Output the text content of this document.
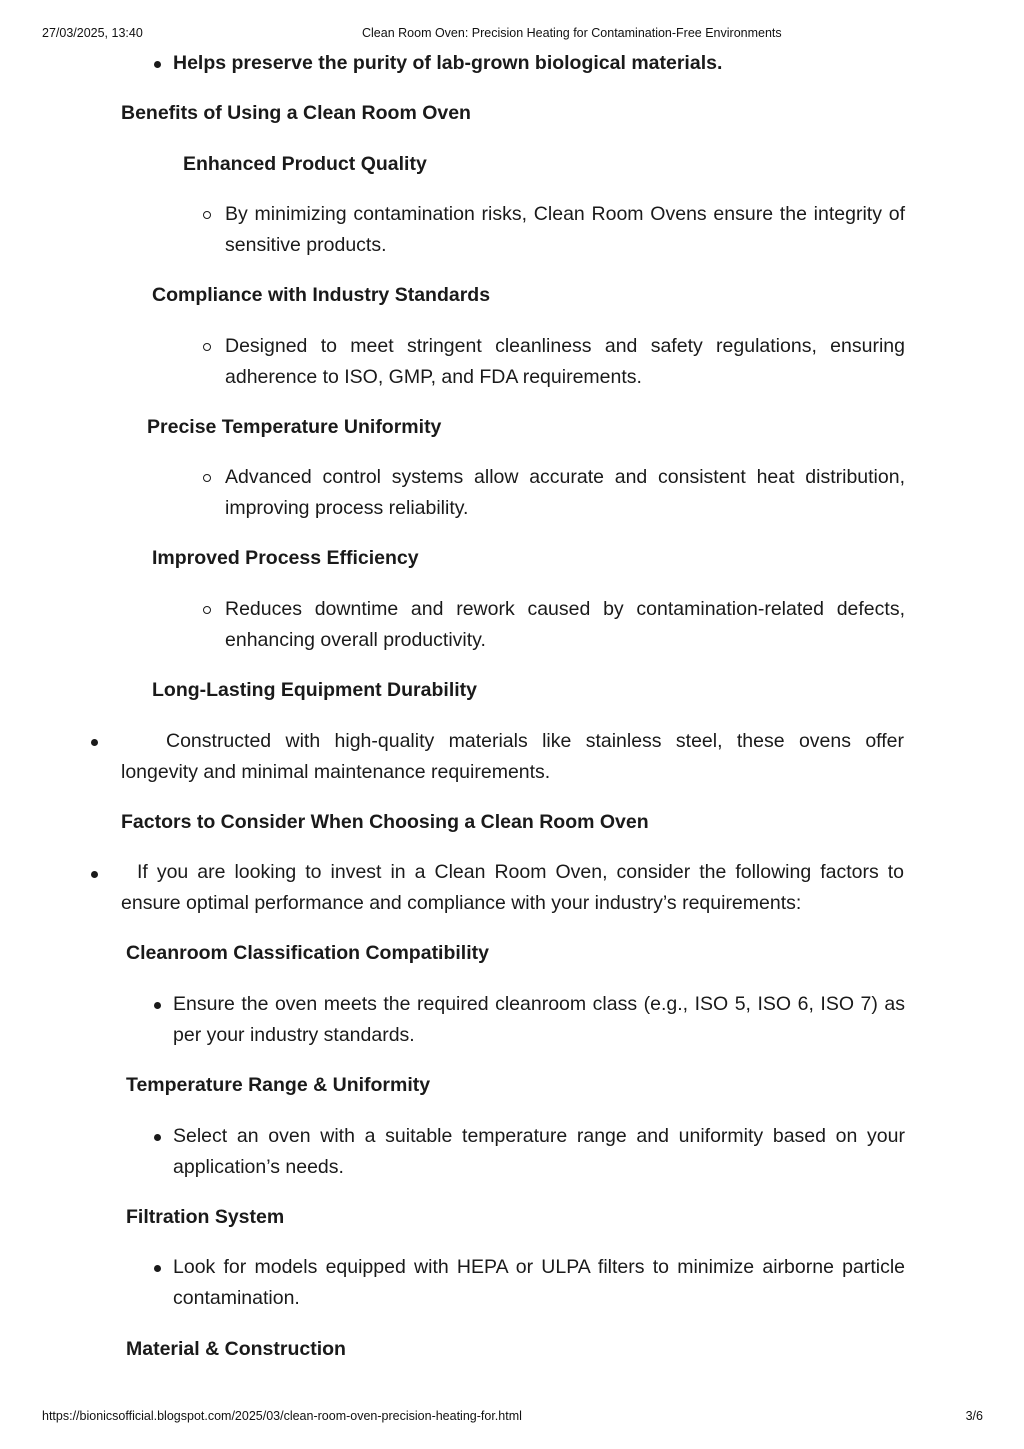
27/03/2025, 13:40	Clean Room Oven: Precision Heating for Contamination-Free Environments
Helps preserve the purity of lab-grown biological materials.
Benefits of Using a Clean Room Oven
Enhanced Product Quality
By minimizing contamination risks, Clean Room Ovens ensure the integrity of sensitive products.
Compliance with Industry Standards
Designed to meet stringent cleanliness and safety regulations, ensuring adherence to ISO, GMP, and FDA requirements.
Precise Temperature Uniformity
Advanced control systems allow accurate and consistent heat distribution, improving process reliability.
Improved Process Efficiency
Reduces downtime and rework caused by contamination-related defects, enhancing overall productivity.
Long-Lasting Equipment Durability
Constructed with high-quality materials like stainless steel, these ovens offer longevity and minimal maintenance requirements.
Factors to Consider When Choosing a Clean Room Oven
If you are looking to invest in a Clean Room Oven, consider the following factors to ensure optimal performance and compliance with your industry’s requirements:
Cleanroom Classification Compatibility
Ensure the oven meets the required cleanroom class (e.g., ISO 5, ISO 6, ISO 7) as per your industry standards.
Temperature Range & Uniformity
Select an oven with a suitable temperature range and uniformity based on your application’s needs.
Filtration System
Look for models equipped with HEPA or ULPA filters to minimize airborne particle contamination.
Material & Construction
https://bionicsofficial.blogspot.com/2025/03/clean-room-oven-precision-heating-for.html	3/6
